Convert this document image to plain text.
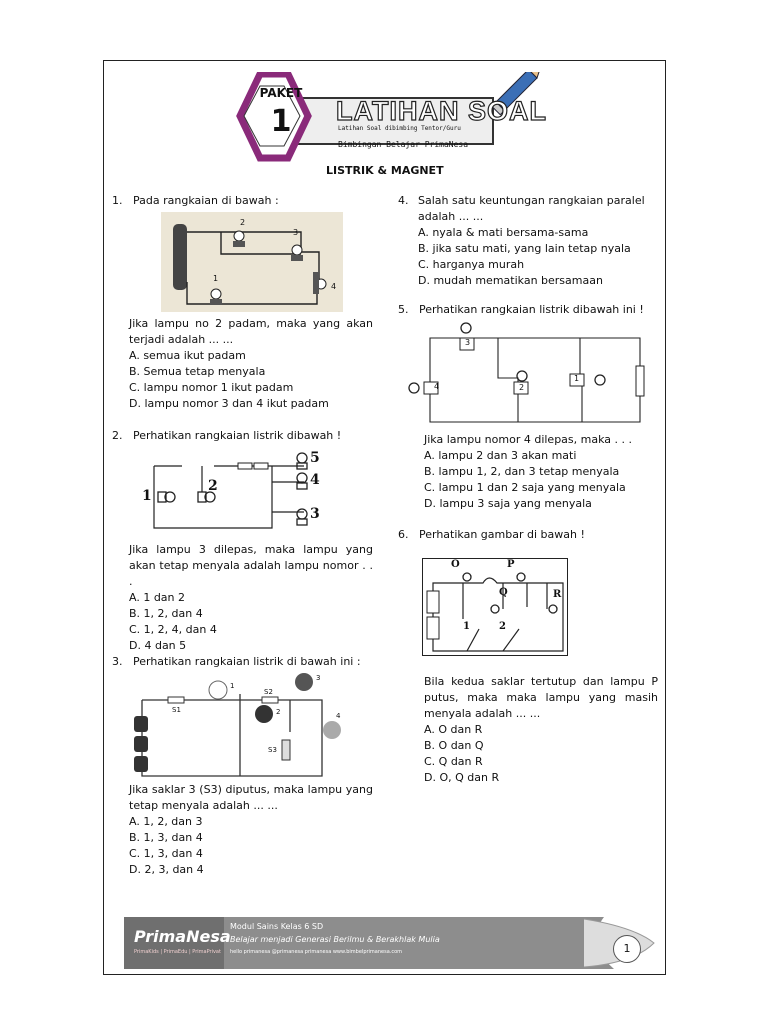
PAKET
1	LATIHAN SOAL
Latihan Soal dibimbing Tentor/Guru
Bimbingan Belajar PrimaNesa
LISTRIK & MAGNET

1. Pada rangkaian di bawah :

1
2
3
4

Jika lampu no 2 padam, maka yang akan terjadi adalah ... ...

A. semua ikut padam

B. Semua tetap menyala

C. lampu nomor 1 ikut padam

D. lampu nomor 3 dan 4 ikut padam

2. Perhatikan rangkaian listrik dibawah !

1
2
3
4
5

Jika lampu 3 dilepas, maka lampu yang akan tetap menyala adalah lampu nomor . . .

A. 1 dan 2

B. 1, 2, dan 4

C. 1, 2, 4, dan 4

D. 4 dan 5

3. Perhatikan rangkaian listrik di bawah ini :

S1
1
S2
3
2	4
S3

Jika saklar 3 (S3) diputus, maka lampu yang tetap menyala adalah ... ...

A. 1, 2, dan 3

B. 1, 3, dan 4

C. 1, 3, dan 4

D. 2, 3, dan 4

4. Salah satu keuntungan rangkaian paralel adalah ... ...

A. nyala & mati bersama-sama

B. jika satu mati, yang lain tetap nyala

C. harganya murah

D. mudah mematikan bersamaan

5. Perhatikan rangkaian listrik dibawah ini !

3
4	2
1

Jika lampu nomor 4 dilepas, maka . . .

A. lampu 2 dan 3 akan mati

B. lampu 1, 2, dan 3 tetap menyala

C. lampu 1 dan 2 saja yang menyala

D. lampu 3 saja yang menyala

6. Perhatikan gambar di bawah !

O	P
Q	R
1	2

Bila kedua saklar tertutup dan lampu P putus, maka maka lampu yang masih menyala adalah ... ...

A. O dan R

B. O dan Q

C. Q dan R

D. O, Q dan R

PrimaNesa
PrimaKids | PrimaEdu | PrimaPrivat
Modul Sains Kelas 6 SD
Belajar menjadi Generasi Berilmu & Berakhlak Mulia
hello primanesa @primanesa primanesa www.bimbelprimanesa.com	1
